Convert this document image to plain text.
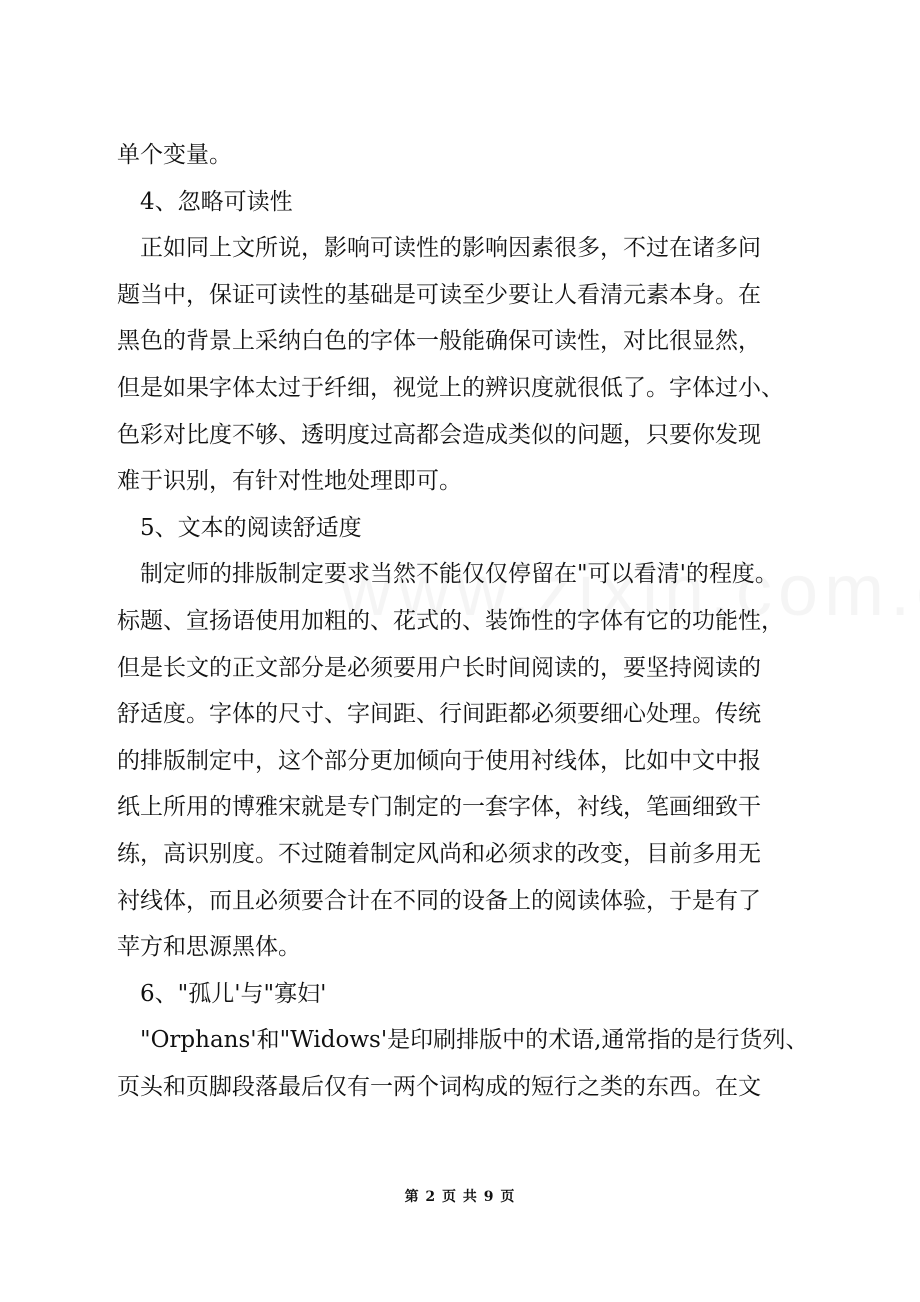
单个变量。
4、忽略可读性
正如同上文所说，影响可读性的影响因素很多，不过在诸多问
题当中，保证可读性的基础是可读至少要让人看清元素本身。在
黑色的背景上采纳白色的字体一般能确保可读性，对比很显然，
但是如果字体太过于纤细，视觉上的辨识度就很低了。字体过小、
色彩对比度不够、透明度过高都会造成类似的问题，只要你发现
难于识别，有针对性地处理即可。
5、文本的阅读舒适度
制定师的排版制定要求当然不能仅仅停留在"可以看清'的程度。
标题、宣扬语使用加粗的、花式的、装饰性的字体有它的功能性，
但是长文的正文部分是必须要用户长时间阅读的，要坚持阅读的
舒适度。字体的尺寸、字间距、行间距都必须要细心处理。传统
的排版制定中，这个部分更加倾向于使用衬线体，比如中文中报
纸上所用的博雅宋就是专门制定的一套字体，衬线，笔画细致干
练，高识别度。不过随着制定风尚和必须求的改变，目前多用无
衬线体，而且必须要合计在不同的设备上的阅读体验，于是有了
苹方和思源黑体。
6、"孤儿'与"寡妇'
"Orphans'和"Widows'是印刷排版中的术语,通常指的是行货列、
页头和页脚段落最后仅有一两个词构成的短行之类的东西。在文
第 2 页 共 9 页
